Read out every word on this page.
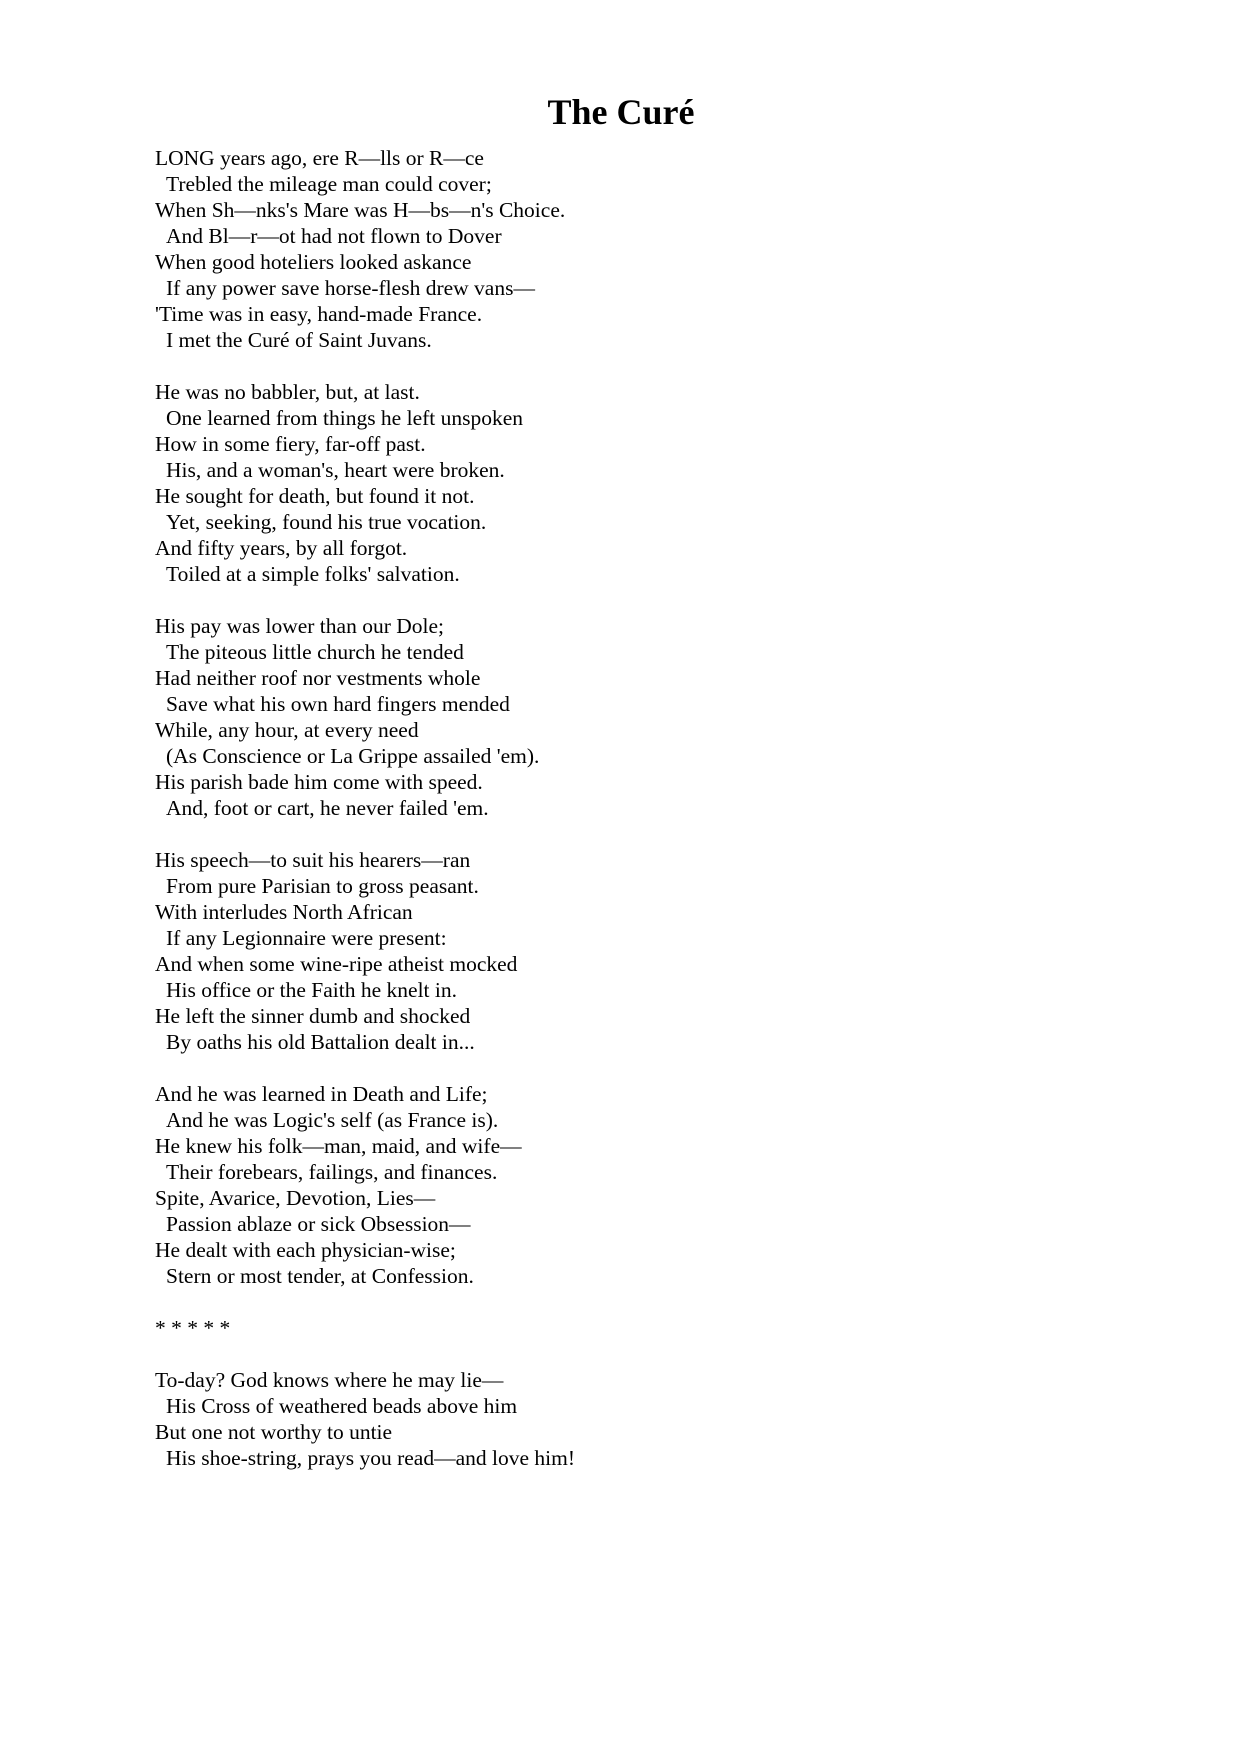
The Curé
LONG years ago, ere R—lls or R—ce
Trebled the mileage man could cover;
When Sh—nks's Mare was H—bs—n's Choice.
And Bl—r—ot had not flown to Dover
When good hoteliers looked askance
If any power save horse-flesh drew vans—
'Time was in easy, hand-made France.
I met the Curé of Saint Juvans.
He was no babbler, but, at last.
One learned from things he left unspoken
How in some fiery, far-off past.
His, and a woman's, heart were broken.
He sought for death, but found it not.
Yet, seeking, found his true vocation.
And fifty years, by all forgot.
Toiled at a simple folks' salvation.
His pay was lower than our Dole;
The piteous little church he tended
Had neither roof nor vestments whole
Save what his own hard fingers mended
While, any hour, at every need
(As Conscience or La Grippe assailed 'em).
His parish bade him come with speed.
And, foot or cart, he never failed 'em.
His speech—to suit his hearers—ran
From pure Parisian to gross peasant.
With interludes North African
If any Legionnaire were present:
And when some wine-ripe atheist mocked
His office or the Faith he knelt in.
He left the sinner dumb and shocked
By oaths his old Battalion dealt in...
And he was learned in Death and Life;
And he was Logic's self (as France is).
He knew his folk—man, maid, and wife—
Their forebears, failings, and finances.
Spite, Avarice, Devotion, Lies—
Passion ablaze or sick Obsession—
He dealt with each physician-wise;
Stern or most tender, at Confession.
* * * * *
To-day? God knows where he may lie—
His Cross of weathered beads above him
But one not worthy to untie
His shoe-string, prays you read—and love him!
